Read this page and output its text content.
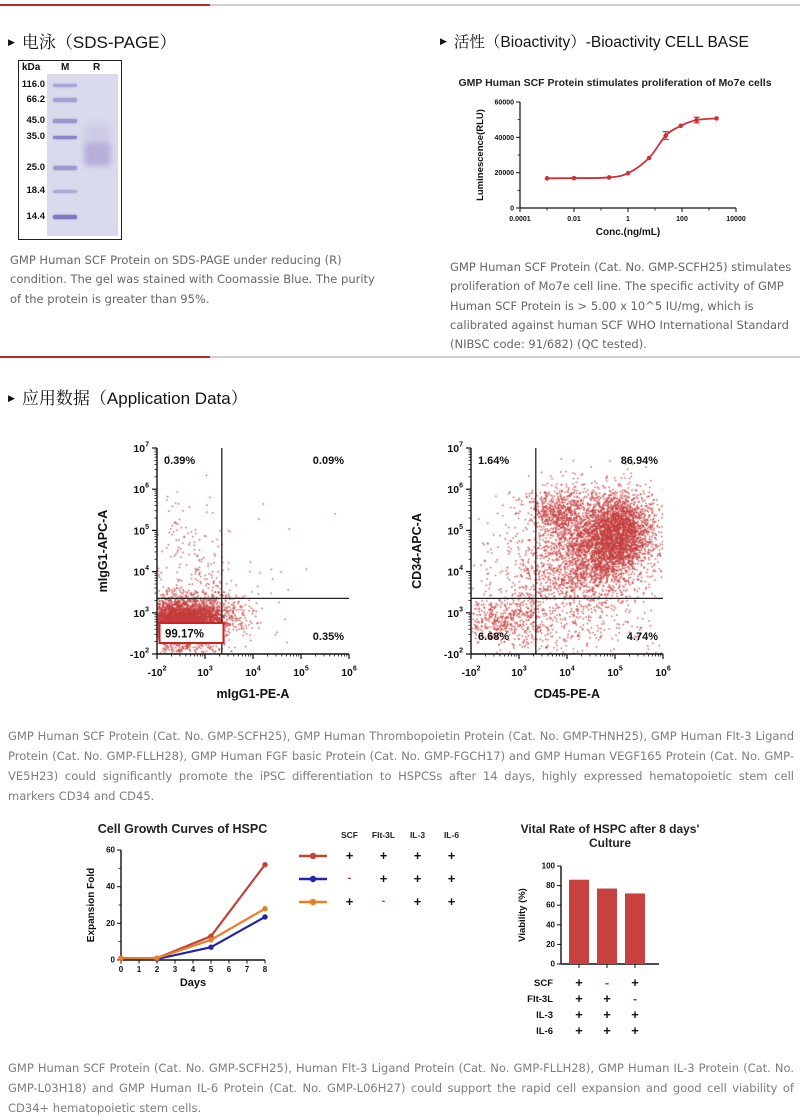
▶ 电泳（SDS-PAGE）
kDa M R
116.0
66.2
45.0
35.0
25.0
18.4
14.4
GMP Human SCF Protein on SDS-PAGE under reducing (R) condition. The gel was stained with Coomassie Blue. The purity of the protein is greater than 95%.
▶ 活性（Bioactivity）-Bioactivity CELL BASE
GMP Human SCF Protein stimulates proliferation of Mo7e cells
0
20000
40000
60000
0.0001	0.01	1	100	10000
Conc.(ng/mL)
Luminescence(RLU)
GMP Human SCF Protein (Cat. No. GMP-SCFH25) stimulates proliferation of Mo7e cell line. The specific activity of GMP Human SCF Protein is > 5.00 x 10^5 IU/mg, which is calibrated against human SCF WHO International Standard (NIBSC code: 91/682) (QC tested).
▶ 应用数据（Application Data）
$-10^2$	$10^3$	$10^4$	$10^5$	$10^6$
$-10^2$
$10^3$
$10^4$
$10^5$
$10^6$
$10^7$
mIgG1-PE-A
mIgG1-APC-A
0.39%	0.09%
0.35%
99.17%
$-10^2$	$10^3$	$10^4$	$10^5$	$10^6$
$-10^2$
$10^3$
$10^4$
$10^5$
$10^6$
$10^7$
CD45-PE-A
CD34-APC-A
1.64%	86.94%
4.74%
6.68%

GMP Human SCF Protein (Cat. No. GMP-SCFH25), GMP Human Thrombopoietin Protein (Cat. No. GMP-THNH25), GMP Human Flt-3 Ligand Protein (Cat. No. GMP-FLLH28), GMP Human FGF basic Protein (Cat. No. GMP-FGCH17) and GMP Human VEGF165 Protein (Cat. No. GMP-VE5H23) could significantly promote the iPSC differentiation to HSPCSs after 14 days, highly expressed hematopoietic stem cell markers CD34 and CD45.

Cell Growth Curves of HSPC
0 1 2 3 4 5 6 7 8
0
20
40
60
Days
Expansion Fold
SCF	Flt-3L	IL-3	IL-6
+	+	+	+
-	+	+	+
+	-	+	+
Vital Rate of HSPC after 8 days' Culture
0
20
40
60
80
100
Viability (%)
SCF + - +
Flt-3L + + -
IL-3 + + +
IL-6 + + +

GMP Human SCF Protein (Cat. No. GMP-SCFH25), Human Flt-3 Ligand Protein (Cat. No. GMP-FLLH28), GMP Human IL-3 Protein (Cat. No. GMP-L03H18) and GMP Human IL-6 Protein (Cat. No. GMP-L06H27) could support the rapid cell expansion and good cell viability of CD34+ hematopoietic stem cells.
